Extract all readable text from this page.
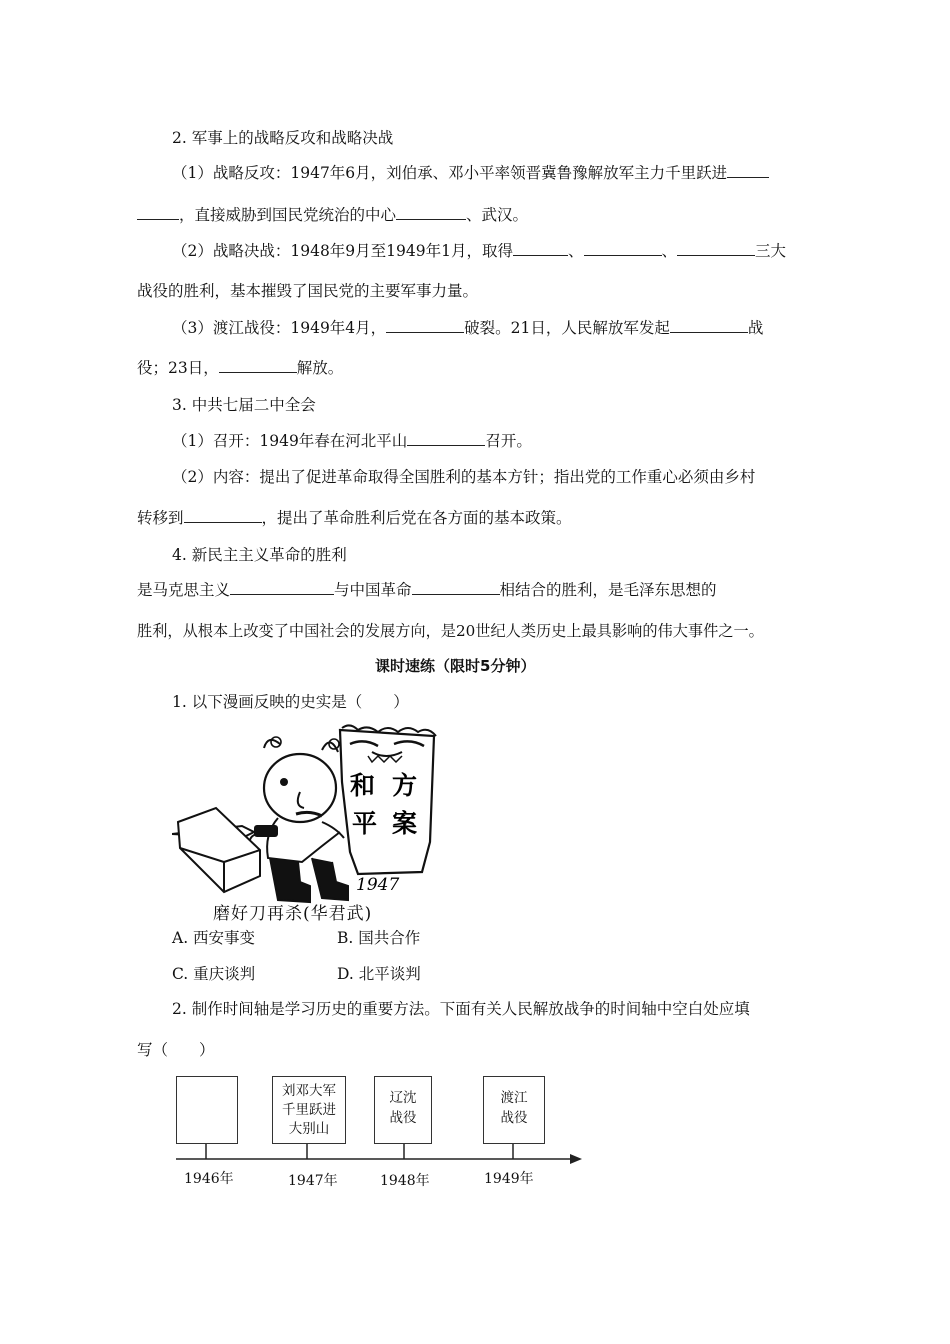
2. 军事上的战略反攻和战略决战
（1）战略反攻：1947年6月，刘伯承、邓小平率领晋冀鲁豫解放军主力千里跃进
，直接威胁到国民党统治的中心	、武汉。
（2）战略决战：1948年9月至1949年1月，取得	、	、	三大
战役的胜利，基本摧毁了国民党的主要军事力量。
（3）渡江战役：1949年4月，	破裂。21日，人民解放军发起	战
役；23日，	解放。
3. 中共七届二中全会
（1）召开：1949年春在河北平山	召开。
（2）内容：提出了促进革命取得全国胜利的基本方针；指出党的工作重心必须由乡村
转移到	，提出了革命胜利后党在各方面的基本政策。
4. 新民主主义革命的胜利
是马克思主义	与中国革命	相结合的胜利，是毛泽东思想的
胜利，从根本上改变了中国社会的发展方向，是20世纪人类历史上最具影响的伟大事件之一。
课时速练（限时5分钟）
1. 以下漫画反映的史实是（　　）
和 方
平 案
1947
磨好刀再杀(华君武)
A. 西安事变	B. 国共合作
C. 重庆谈判	D. 北平谈判
2. 制作时间轴是学习历史的重要方法。下面有关人民解放战争的时间轴中空白处应填
写（　　）
刘邓大军
千里跃进
大别山
辽沈
战役
渡江
战役
1946年	1947年	1948年	1949年
